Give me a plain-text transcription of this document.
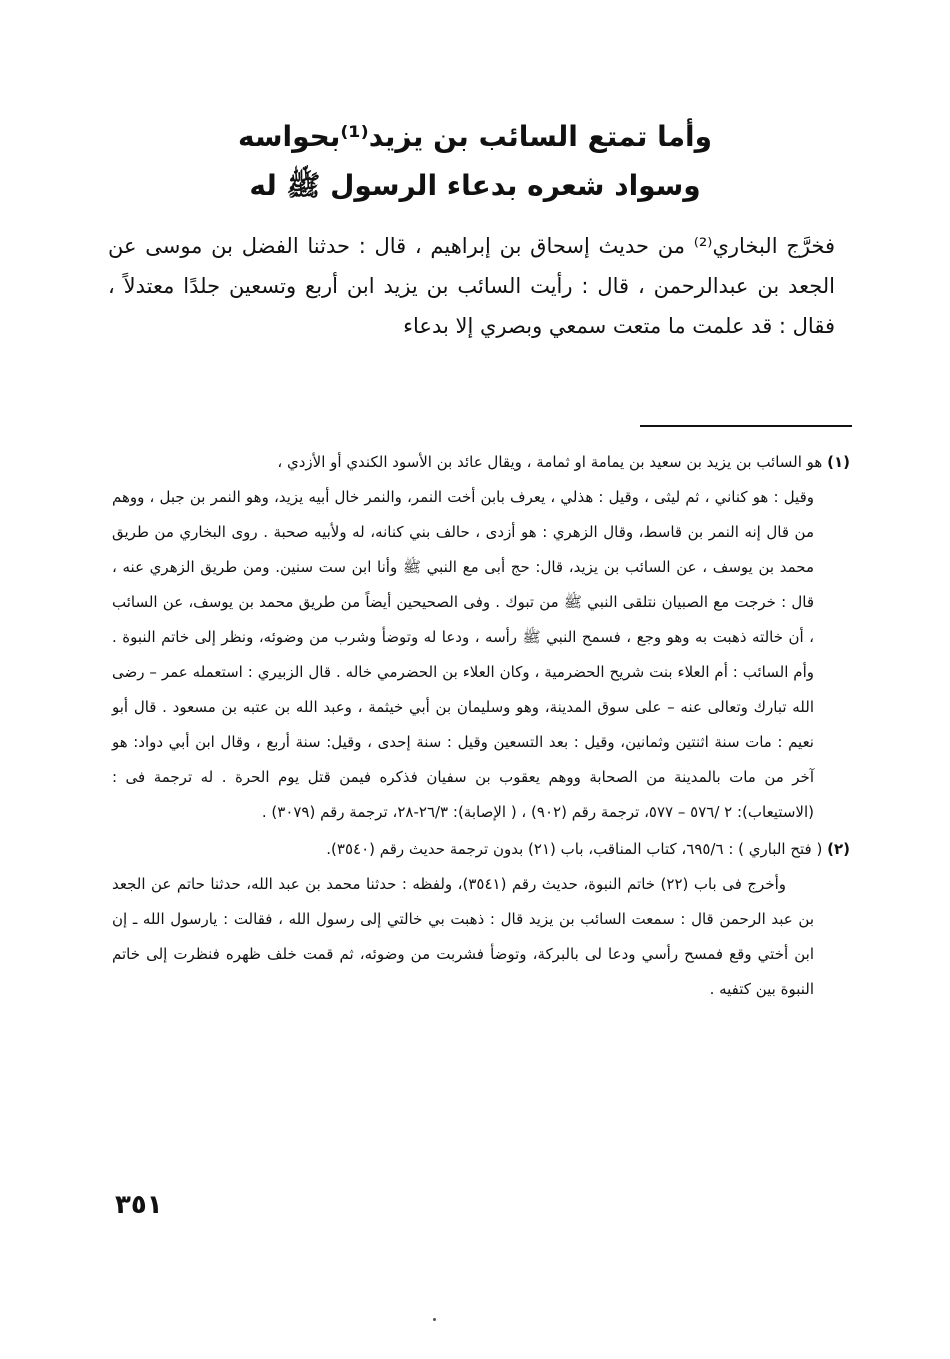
وأما تمتع السائب بن يزيد⁽¹⁾بحواسه
وسواد شعره بدعاء الرسول ﷺ له
فخرَّج البخاري⁽²⁾ من حديث إسحاق بن إبراهيم ، قال : حدثنا الفضل بن موسى عن الجعد بن عبدالرحمن ، قال : رأيت السائب بن يزيد ابن أربع وتسعين جلدًا معتدلاً ، فقال : قد علمت ما متعت سمعي وبصري إلا بدعاء

(١) هو السائب بن يزيد بن سعيد بن يمامة او ثمامة ، ويقال عائد بن الأسود الكندي أو الأزدي ،

وقيل : هو كناني ، ثم ليثى ، وقيل : هذلي ، يعرف بابن أخت النمر، والنمر خال أبيه يزيد، وهو النمر بن جبل ، ووهم من قال إنه النمر بن قاسط، وقال الزهري : هو أزدى ، حالف بني كنانه، له ولأبيه صحبة . روى البخاري من طريق محمد بن يوسف ، عن السائب بن يزيد، قال: حج أبى مع النبي ﷺ وأنا ابن ست سنين. ومن طريق الزهري عنه ، قال : خرجت مع الصبيان نتلقى النبي ﷺ من تبوك . وفى الصحيحين أيضاً من طريق محمد بن يوسف، عن السائب ، أن خالته ذهبت به وهو وجع ، فسمح النبي ﷺ رأسه ، ودعا له وتوضأ وشرب من وضوئه، ونظر إلى خاتم النبوة . وأم السائب : أم العلاء بنت شريح الحضرمية ، وكان العلاء بن الحضرمي خاله . قال الزبيري : استعمله عمر – رضى الله تبارك وتعالى عنه – على سوق المدينة، وهو وسليمان بن أبي خيثمة ، وعبد الله بن عتبه بن مسعود . قال أبو نعيم : مات سنة اثنتين وثمانين، وقيل : بعد التسعين وقيل : سنة إحدى ، وقيل: سنة أربع ، وقال ابن أبي دواد: هو آخر من مات بالمدينة من الصحابة ووهم يعقوب بن سفيان فذكره فيمن قتل يوم الحرة . له ترجمة فى : (الاستيعاب): ٢ /٥٧٦ – ٥٧٧، ترجمة رقم (٩٠٢) ، ( الإصابة): ٢٦/٣-٢٨، ترجمة رقم (٣٠٧٩) .

(٢) ( فتح الباري ) : ٦٩٥/٦، كتاب المناقب، باب (٢١) بدون ترجمة حديث رقم (٣٥٤٠).

وأخرج فى باب (٢٢) خاتم النبوة، حديث رقم (٣٥٤١)، ولفظه : حدثنا محمد بن عبد الله، حدثنا حاتم عن الجعد بن عبد الرحمن قال : سمعت السائب بن يزيد قال : ذهبت بي خالتي إلى رسول الله ، فقالت : يارسول الله ـ إن ابن أختي وقع فمسح رأسي ودعا لى بالبركة، وتوضأ فشربت من وضوئه، ثم قمت خلف ظهره فنظرت إلى خاتم النبوة بين كتفيه .

٣٥١
